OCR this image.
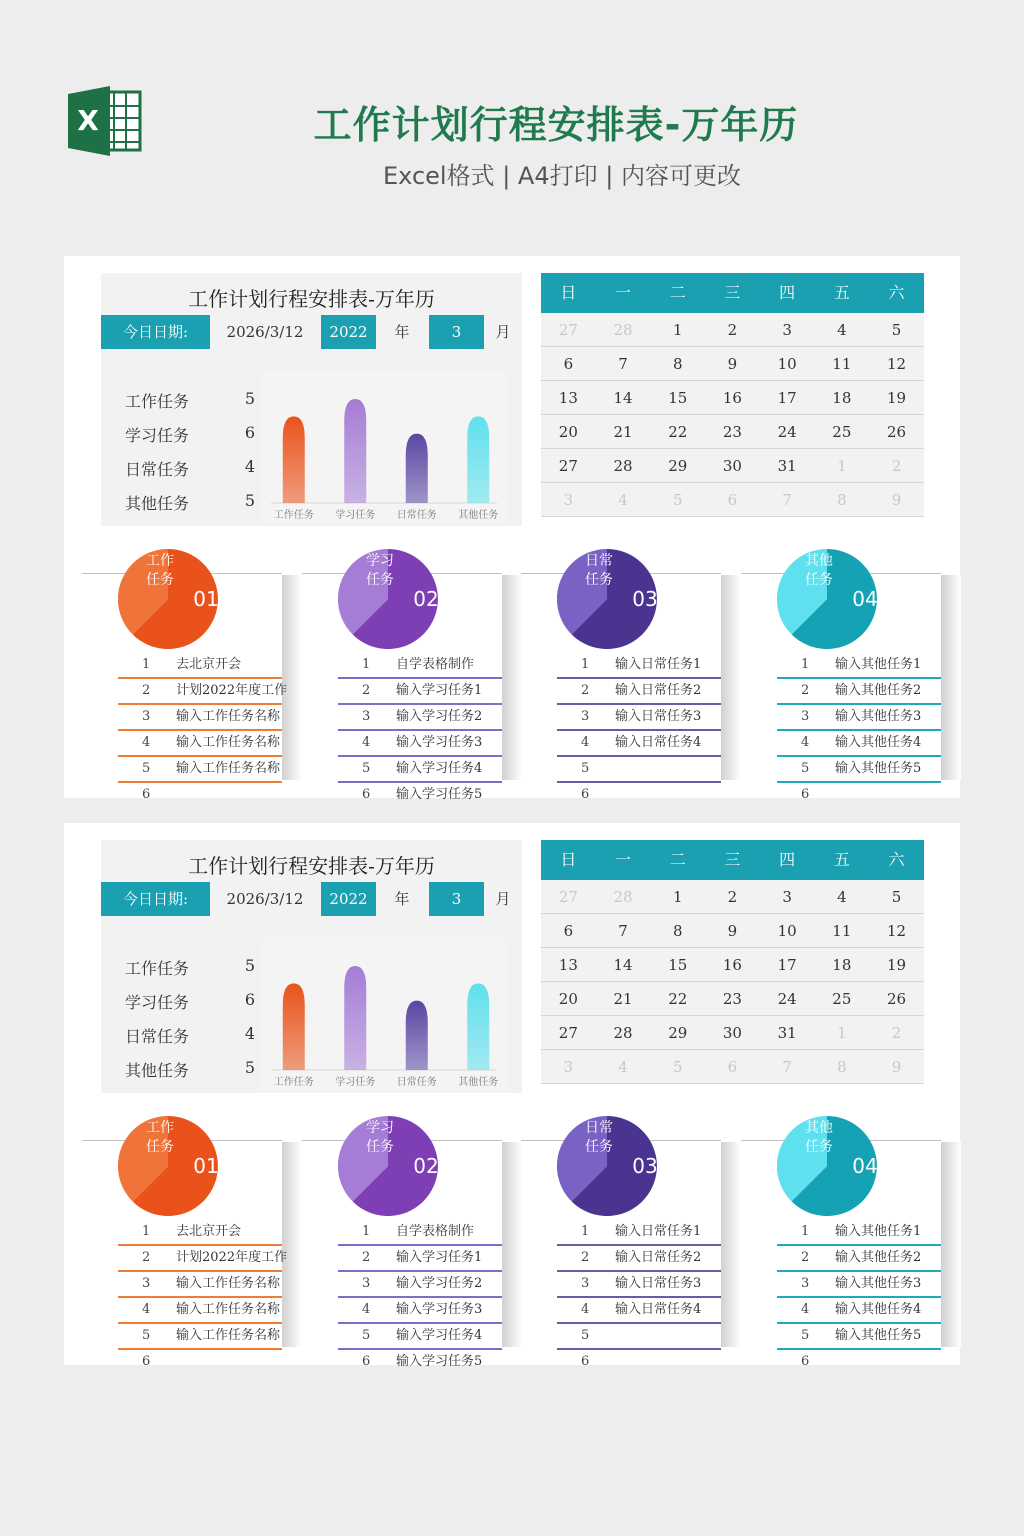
X	工作计划行程安排表-万年历
Excel格式 | A4打印 | 内容可更改
工作计划行程安排表-万年历
今日日期:	2026/3/12	2022	年	3	月
工作任务	5
学习任务	6
日常任务	4
其他任务	5
工作任务 学习任务 日常任务 其他任务
日	一	二	三	四	五	六
27	28	1	2	3	4	5
6	7	8	9	10	11	12
13	14	15	16	17	18	19
20	21	22	23	24	25	26
27	28	29	30	31	1	2
3	4	5	6	7	8	9
工作
任务
01
1 去北京开会
2 计划2022年度工作
3 输入工作任务名称
4 输入工作任务名称
5 输入工作任务名称
6
学习
任务
02
1 自学表格制作
2 输入学习任务1
3 输入学习任务2
4 输入学习任务3
5 输入学习任务4
6 输入学习任务5
日常
任务
03
1 输入日常任务1
2 输入日常任务2
3 输入日常任务3
4 输入日常任务4
5
6
其他
任务
04
1 输入其他任务1
2 输入其他任务2
3 输入其他任务3
4 输入其他任务4
5 输入其他任务5
6
工作计划行程安排表-万年历
今日日期:	2026/3/12	2022	年	3	月
工作任务	5
学习任务	6
日常任务	4
其他任务	5
工作任务 学习任务 日常任务 其他任务
日	一	二	三	四	五	六
27	28	1	2	3	4	5
6	7	8	9	10	11	12
13	14	15	16	17	18	19
20	21	22	23	24	25	26
27	28	29	30	31	1	2
3	4	5	6	7	8	9
工作
任务
01
1 去北京开会
2 计划2022年度工作
3 输入工作任务名称
4 输入工作任务名称
5 输入工作任务名称
6
学习
任务
02
1 自学表格制作
2 输入学习任务1
3 输入学习任务2
4 输入学习任务3
5 输入学习任务4
6 输入学习任务5
日常
任务
03
1 输入日常任务1
2 输入日常任务2
3 输入日常任务3
4 输入日常任务4
5
6
其他
任务
04
1 输入其他任务1
2 输入其他任务2
3 输入其他任务3
4 输入其他任务4
5 输入其他任务5
6
